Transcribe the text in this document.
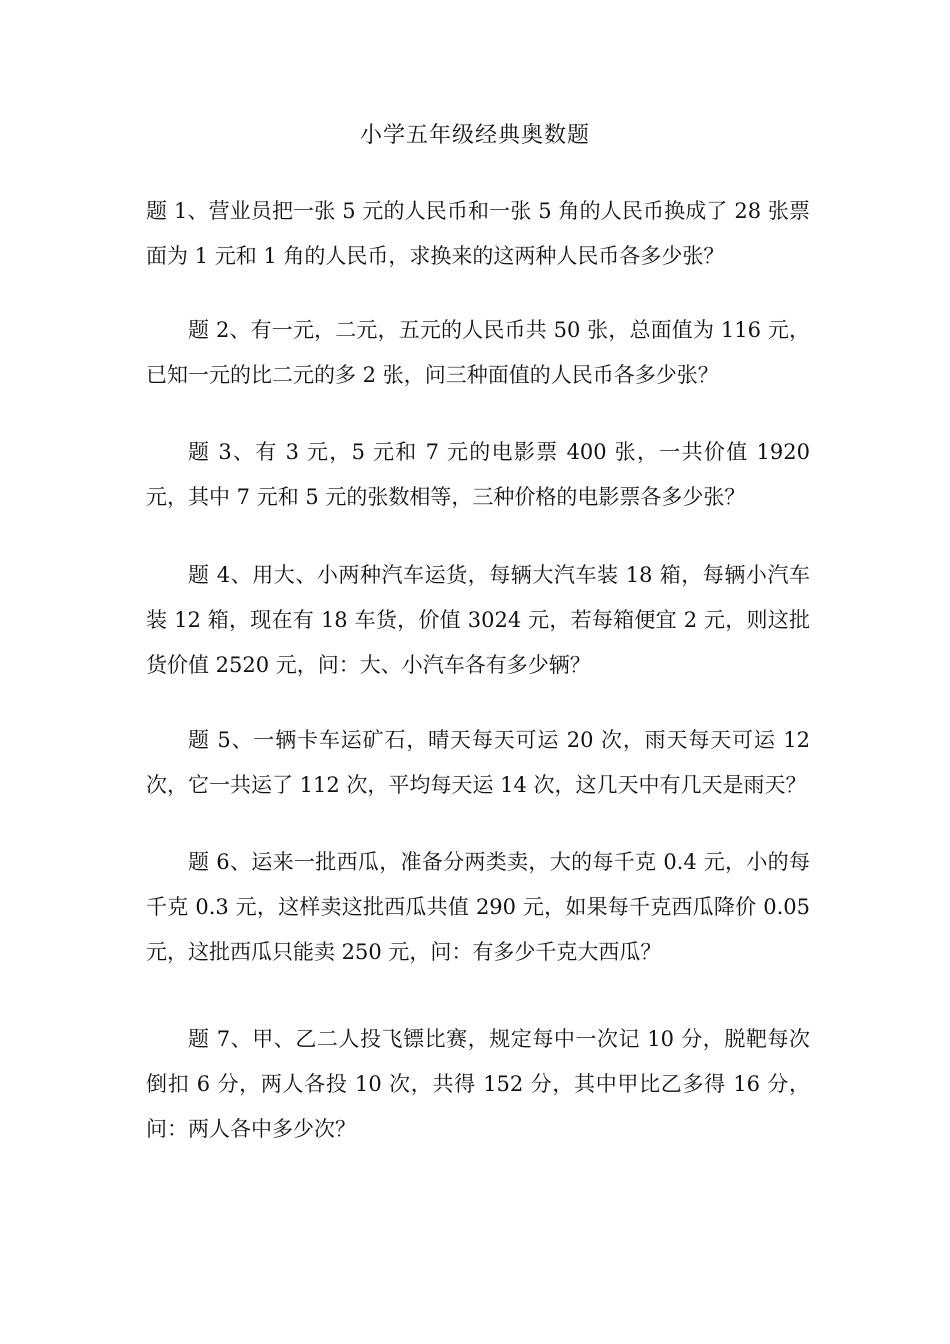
小学五年级经典奥数题
题 1、营业员把一张 5 元的人民币和一张 5 角的人民币换成了 28 张票面为 1 元和 1 角的人民币，求换来的这两种人民币各多少张？
题 2、有一元，二元，五元的人民币共 50 张，总面值为 116 元，已知一元的比二元的多 2 张，问三种面值的人民币各多少张？
题 3、有 3 元，5 元和 7 元的电影票 400 张，一共价值 1920 元，其中 7 元和 5 元的张数相等，三种价格的电影票各多少张？
题 4、用大、小两种汽车运货，每辆大汽车装 18 箱，每辆小汽车装 12 箱，现在有 18 车货，价值 3024 元，若每箱便宜 2 元，则这批货价值 2520 元，问：大、小汽车各有多少辆？
题 5、一辆卡车运矿石，晴天每天可运 20 次，雨天每天可运 12 次，它一共运了 112 次，平均每天运 14 次，这几天中有几天是雨天？
题 6、运来一批西瓜，准备分两类卖，大的每千克 0.4 元，小的每千克 0.3 元，这样卖这批西瓜共值 290 元，如果每千克西瓜降价 0.05 元，这批西瓜只能卖 250 元，问：有多少千克大西瓜？
题 7、甲、乙二人投飞镖比赛，规定每中一次记 10 分，脱靶每次倒扣 6 分，两人各投 10 次，共得 152 分，其中甲比乙多得 16 分，问：两人各中多少次？
